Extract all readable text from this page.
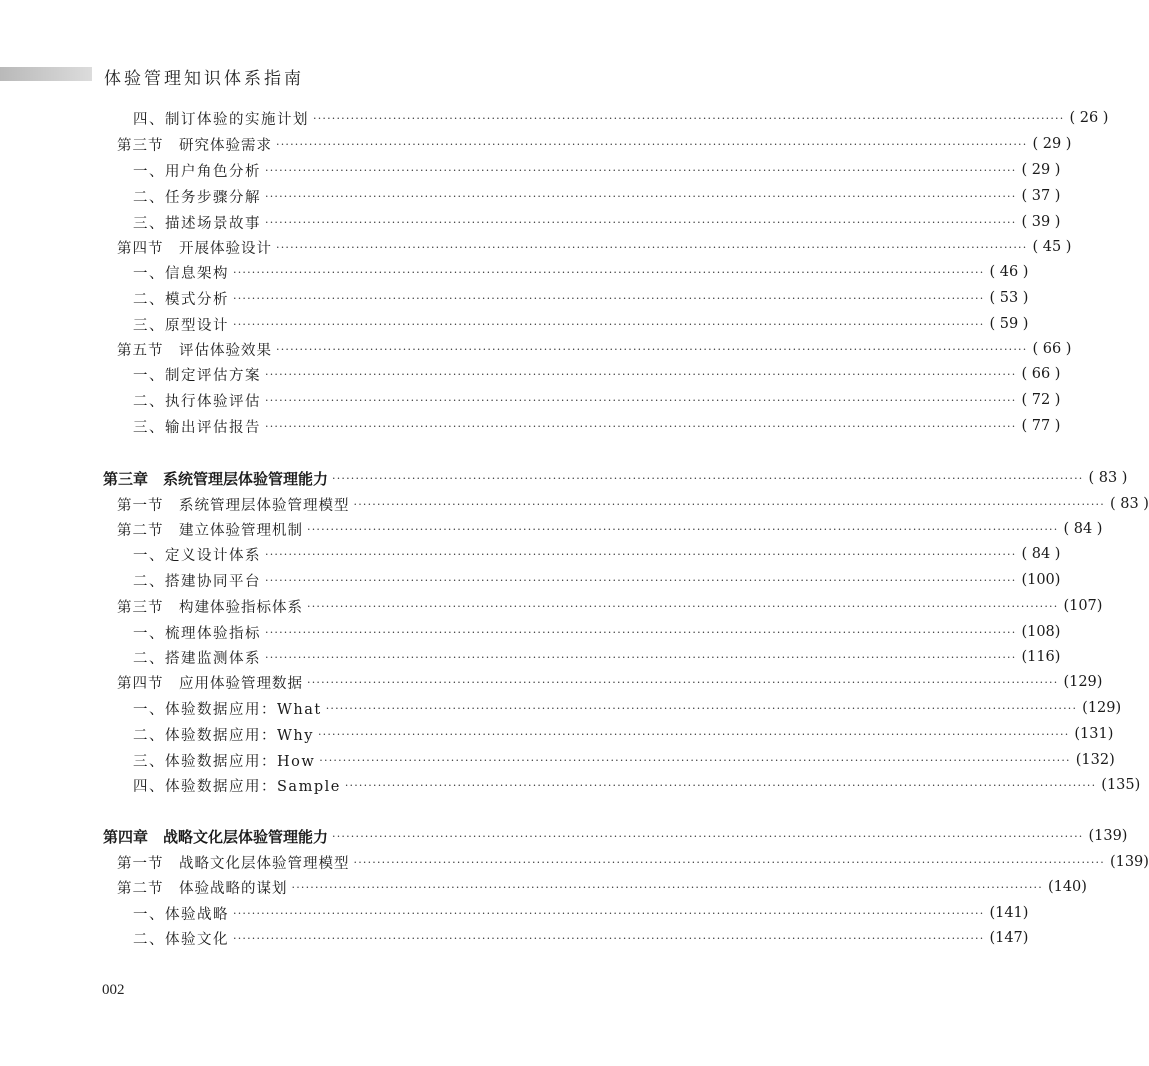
体验管理知识体系指南
四、制订体验的实施计划 ································································································································································ ( 26 )
第三节　研究体验需求 ································································································································································ ( 29 )
一、用户角色分析 ································································································································································ ( 29 )
二、任务步骤分解 ································································································································································ ( 37 )
三、描述场景故事 ································································································································································ ( 39 )
第四节　开展体验设计 ································································································································································ ( 45 )
一、信息架构 ································································································································································ ( 46 )
二、模式分析 ································································································································································ ( 53 )
三、原型设计 ································································································································································ ( 59 )
第五节　评估体验效果 ································································································································································ ( 66 )
一、制定评估方案 ································································································································································ ( 66 )
二、执行体验评估 ································································································································································ ( 72 )
三、输出评估报告 ································································································································································ ( 77 )
第三章　系统管理层体验管理能力 ································································································································································ ( 83 )
第一节　系统管理层体验管理模型 ································································································································································ ( 83 )
第二节　建立体验管理机制 ································································································································································ ( 84 )
一、定义设计体系 ································································································································································ ( 84 )
二、搭建协同平台 ································································································································································ (100)
第三节　构建体验指标体系 ································································································································································ (107)
一、梳理体验指标 ································································································································································ (108)
二、搭建监测体系 ································································································································································ (116)
第四节　应用体验管理数据 ································································································································································ (129)
一、体验数据应用：What ································································································································································ (129)
二、体验数据应用：Why ································································································································································ (131)
三、体验数据应用：How ································································································································································ (132)
四、体验数据应用：Sample ································································································································································ (135)
第四章　战略文化层体验管理能力 ································································································································································ (139)
第一节　战略文化层体验管理模型 ································································································································································ (139)
第二节　体验战略的谋划 ································································································································································ (140)
一、体验战略 ································································································································································ (141)
二、体验文化 ································································································································································ (147)
002
